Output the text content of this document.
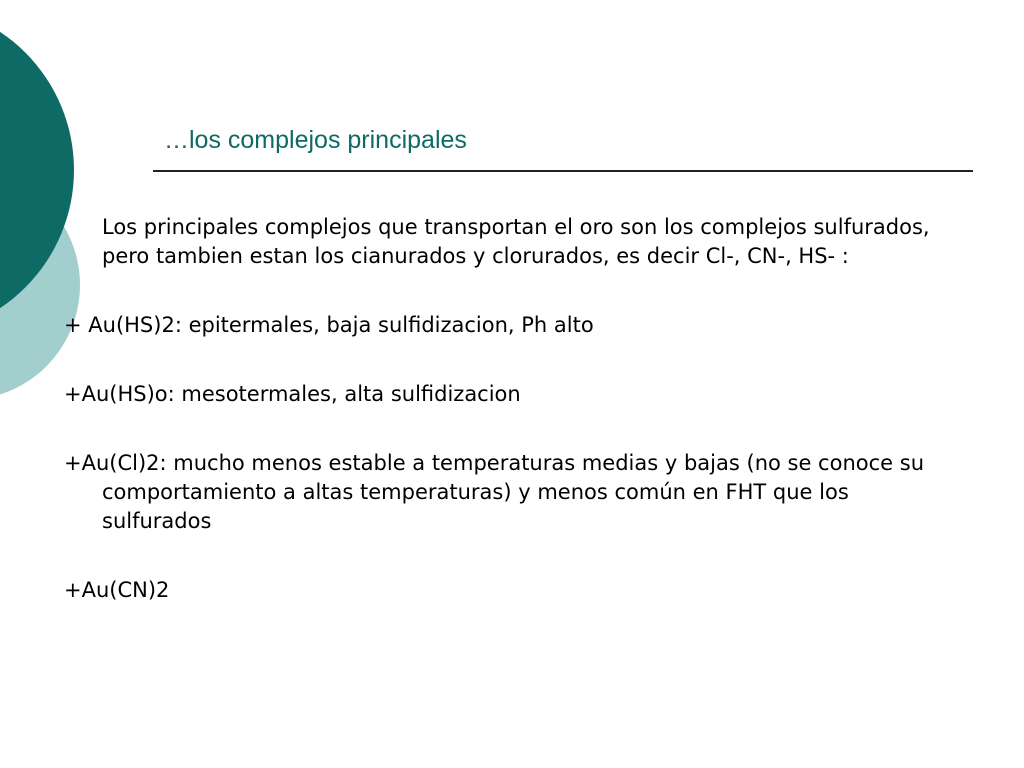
…los complejos principales

Los principales complejos que transportan el oro son los complejos sulfurados, pero tambien estan los cianurados y clorurados, es decir Cl-, CN-, HS- :

+ Au(HS)2: epitermales, baja sulfidizacion, Ph alto

+Au(HS)o: mesotermales, alta sulfidizacion

+Au(Cl)2: mucho menos estable a temperaturas medias y bajas (no se conoce su comportamiento a altas temperaturas) y menos común en FHT que los sulfurados

+Au(CN)2
